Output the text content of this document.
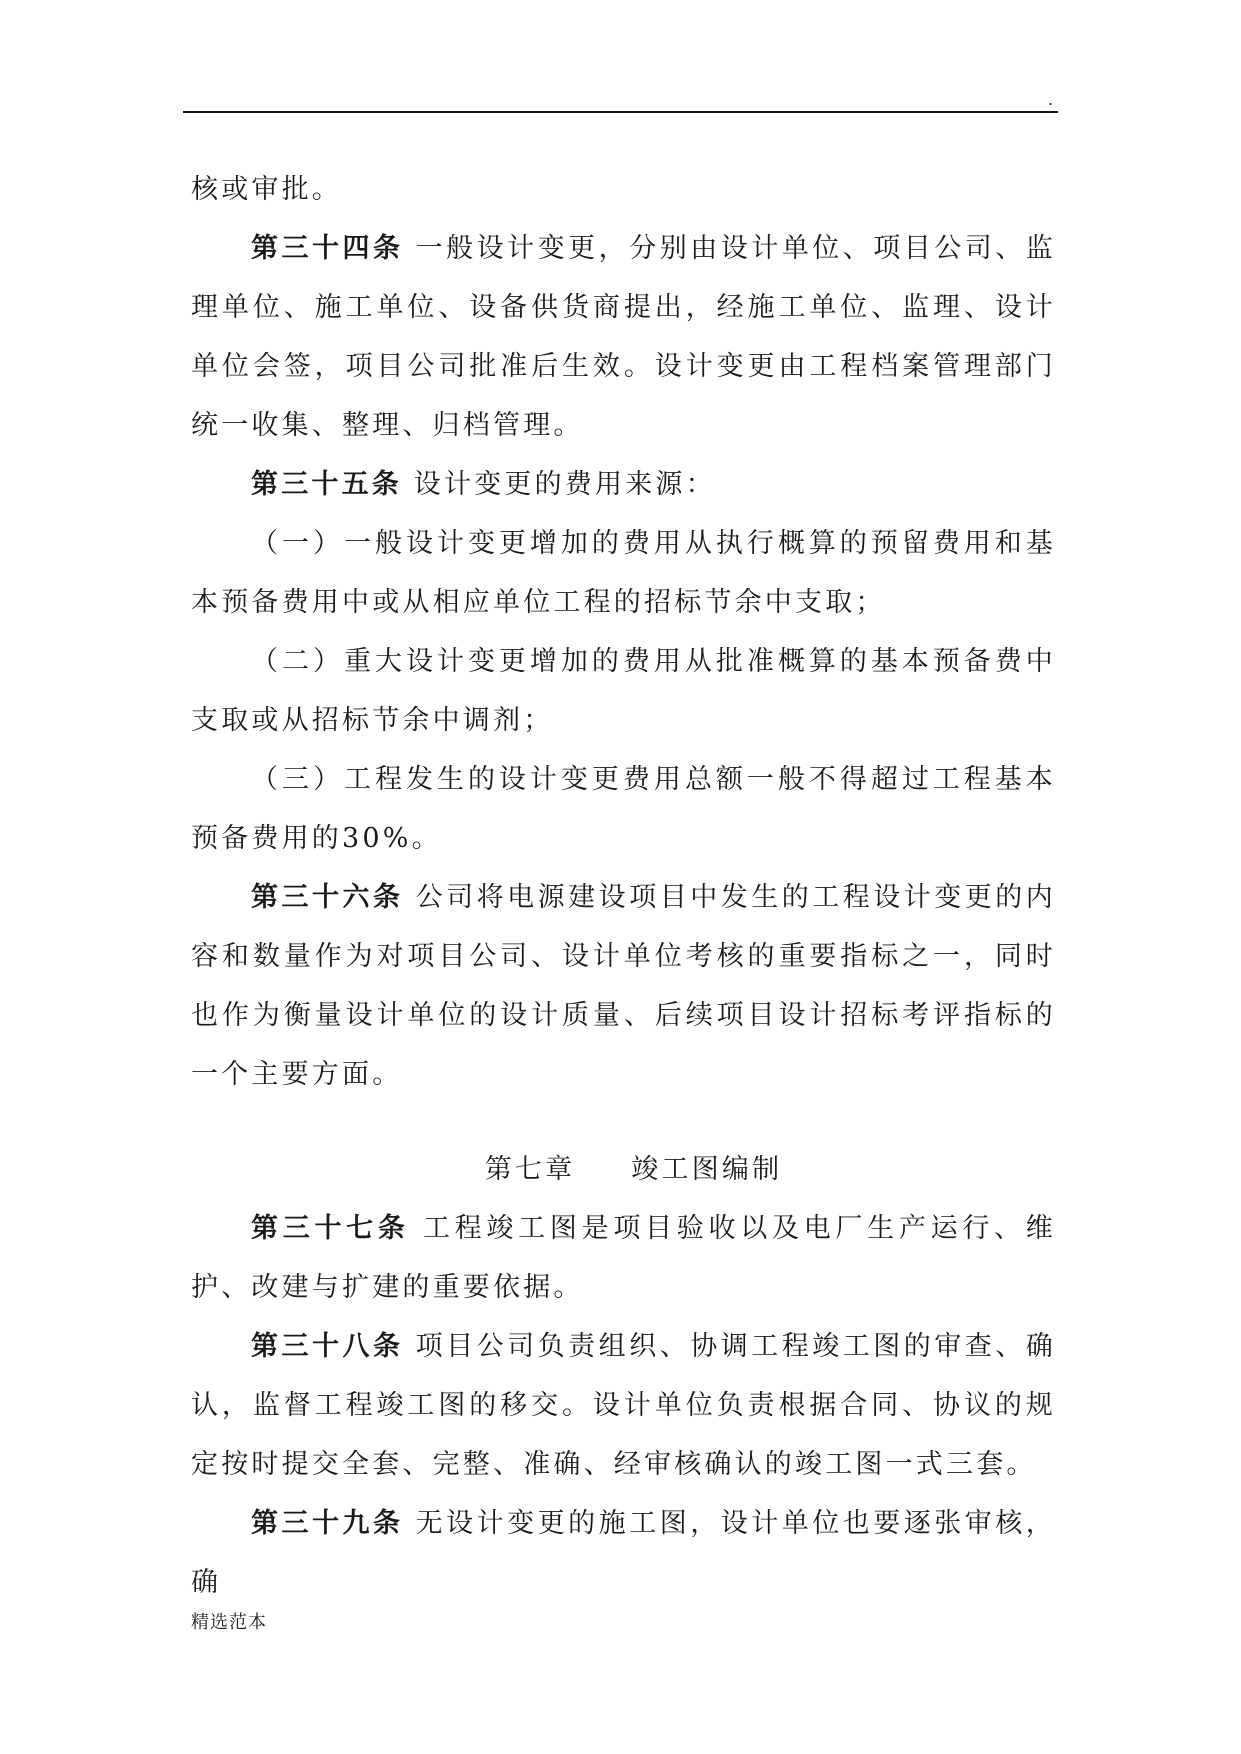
.

核或审批。

第三十四条 一般设计变更，分别由设计单位、项目公司、监理单位、施工单位、设备供货商提出，经施工单位、监理、设计单位会签，项目公司批准后生效。设计变更由工程档案管理部门统一收集、整理、归档管理。

第三十五条 设计变更的费用来源：

（一）一般设计变更增加的费用从执行概算的预留费用和基本预备费用中或从相应单位工程的招标节余中支取；

（二）重大设计变更增加的费用从批准概算的基本预备费中支取或从招标节余中调剂；

（三）工程发生的设计变更费用总额一般不得超过工程基本预备费用的30%。

第三十六条 公司将电源建设项目中发生的工程设计变更的内容和数量作为对项目公司、设计单位考核的重要指标之一，同时也作为衡量设计单位的设计质量、后续项目设计招标考评指标的一个主要方面。

第七章 竣工图编制

第三十七条 工程竣工图是项目验收以及电厂生产运行、维护、改建与扩建的重要依据。

第三十八条 项目公司负责组织、协调工程竣工图的审查、确认，监督工程竣工图的移交。设计单位负责根据合同、协议的规定按时提交全套、完整、准确、经审核确认的竣工图一式三套。

第三十九条 无设计变更的施工图，设计单位也要逐张审核，确

精选范本
